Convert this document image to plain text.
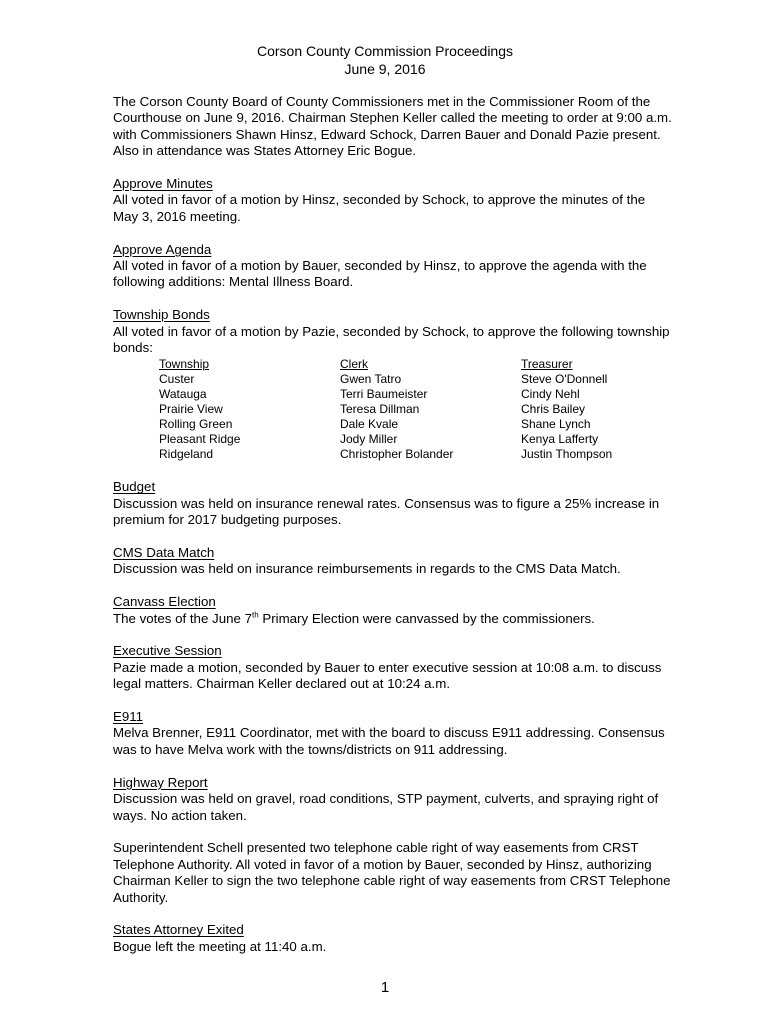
Corson County Commission Proceedings
June 9, 2016

The Corson County Board of County Commissioners met in the Commissioner Room of the Courthouse on June 9, 2016. Chairman Stephen Keller called the meeting to order at 9:00 a.m. with Commissioners Shawn Hinsz, Edward Schock, Darren Bauer and Donald Pazie present. Also in attendance was States Attorney Eric Bogue.

Approve Minutes

All voted in favor of a motion by Hinsz, seconded by Schock, to approve the minutes of the May 3, 2016 meeting.

Approve Agenda

All voted in favor of a motion by Bauer, seconded by Hinsz, to approve the agenda with the following additions: Mental Illness Board.

Township Bonds

All voted in favor of a motion by Pazie, seconded by Schock, to approve the following township bonds:

Township	Clerk	Treasurer
Custer	Gwen Tatro	Steve O'Donnell
Watauga	Terri Baumeister	Cindy Nehl
Prairie View	Teresa Dillman	Chris Bailey
Rolling Green	Dale Kvale	Shane Lynch
Pleasant Ridge	Jody Miller	Kenya Lafferty
Ridgeland	Christopher Bolander	Justin Thompson

Budget

Discussion was held on insurance renewal rates. Consensus was to figure a 25% increase in premium for 2017 budgeting purposes.

CMS Data Match

Discussion was held on insurance reimbursements in regards to the CMS Data Match.

Canvass Election

The votes of the June 7th Primary Election were canvassed by the commissioners.

Executive Session

Pazie made a motion, seconded by Bauer to enter executive session at 10:08 a.m. to discuss legal matters. Chairman Keller declared out at 10:24 a.m.

E911

Melva Brenner, E911 Coordinator, met with the board to discuss E911 addressing. Consensus was to have Melva work with the towns/districts on 911 addressing.

Highway Report

Discussion was held on gravel, road conditions, STP payment, culverts, and spraying right of ways. No action taken.

Superintendent Schell presented two telephone cable right of way easements from CRST Telephone Authority. All voted in favor of a motion by Bauer, seconded by Hinsz, authorizing Chairman Keller to sign the two telephone cable right of way easements from CRST Telephone Authority.

States Attorney Exited

Bogue left the meeting at 11:40 a.m.

1
